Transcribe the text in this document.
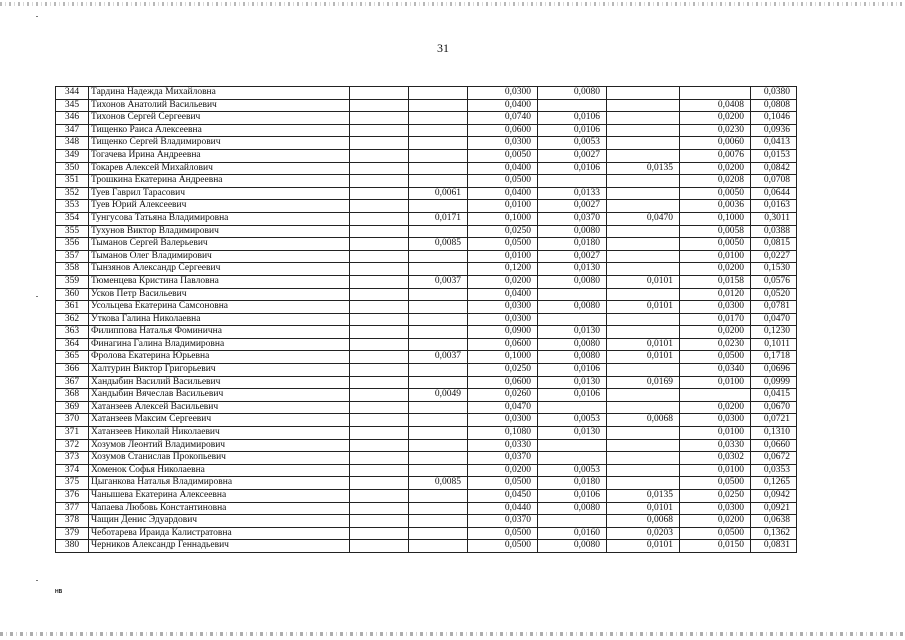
31
344	Тардина Надежда Михайловна			0,0300	0,0080			0,0380
345	Тихонов Анатолий Васильевич			0,0400			0,0408	0,0808
346	Тихонов Сергей Сергеевич			0,0740	0,0106		0,0200	0,1046
347	Тищенко Раиса Алексеевна			0,0600	0,0106		0,0230	0,0936
348	Тищенко Сергей Владимирович			0,0300	0,0053		0,0060	0,0413
349	Тогачева Ирина Андреевна			0,0050	0,0027		0,0076	0,0153
350	Токарев Алексей Михайлович			0,0400	0,0106	0,0135	0,0200	0,0842
351	Трошкина Екатерина Андреевна			0,0500			0,0208	0,0708
352	Туев Гаврил Тарасович		0,0061	0,0400	0,0133		0,0050	0,0644
353	Туев Юрий Алексеевич			0,0100	0,0027		0,0036	0,0163
354	Тунгусова Татьяна Владимировна		0,0171	0,1000	0,0370	0,0470	0,1000	0,3011
355	Тухунов Виктор Владимирович			0,0250	0,0080		0,0058	0,0388
356	Тыманов Сергей Валерьевич		0,0085	0,0500	0,0180		0,0050	0,0815
357	Тыманов Олег Владимирович			0,0100	0,0027		0,0100	0,0227
358	Тынзянов Александр Сергеевич			0,1200	0,0130		0,0200	0,1530
359	Тюменцева Кристина Павловна		0,0037	0,0200	0,0080	0,0101	0,0158	0,0576
360	Усков Петр Васильевич			0,0400			0,0120	0,0520
361	Усольцева Екатерина Самсоновна			0,0300	0,0080	0,0101	0,0300	0,0781
362	Уткова Галина Николаевна			0,0300			0,0170	0,0470
363	Филиппова Наталья Фоминична			0,0900	0,0130		0,0200	0,1230
364	Финагина Галина Владимировна			0,0600	0,0080	0,0101	0,0230	0,1011
365	Фролова Екатерина Юрьевна		0,0037	0,1000	0,0080	0,0101	0,0500	0,1718
366	Халтурин Виктор Григорьевич			0,0250	0,0106		0,0340	0,0696
367	Хандыбин Василий Васильевич			0,0600	0,0130	0,0169	0,0100	0,0999
368	Хандыбин Вячеслав Васильевич		0,0049	0,0260	0,0106			0,0415
369	Хатанзеев Алексей Васильевич			0,0470			0,0200	0,0670
370	Хатанзеев Максим Сергеевич			0,0300	0,0053	0,0068	0,0300	0,0721
371	Хатанзеев Николай Николаевич			0,1080	0,0130		0,0100	0,1310
372	Хозумов Леонтий Владимирович			0,0330			0,0330	0,0660
373	Хозумов Станислав Прокопьевич			0,0370			0,0302	0,0672
374	Хоменок Софья Николаевна			0,0200	0,0053		0,0100	0,0353
375	Цыганкова Наталья Владимировна		0,0085	0,0500	0,0180		0,0500	0,1265
376	Чанышева Екатерина Алексеевна			0,0450	0,0106	0,0135	0,0250	0,0942
377	Чапаева Любовь Константиновна			0,0440	0,0080	0,0101	0,0300	0,0921
378	Чащин Денис Эдуардович			0,0370		0,0068	0,0200	0,0638
379	Чеботарева Ираида Калистратовна			0,0500	0,0160	0,0203	0,0500	0,1362
380	Черников Александр Геннадьевич			0,0500	0,0080	0,0101	0,0150	0,0831
HB
